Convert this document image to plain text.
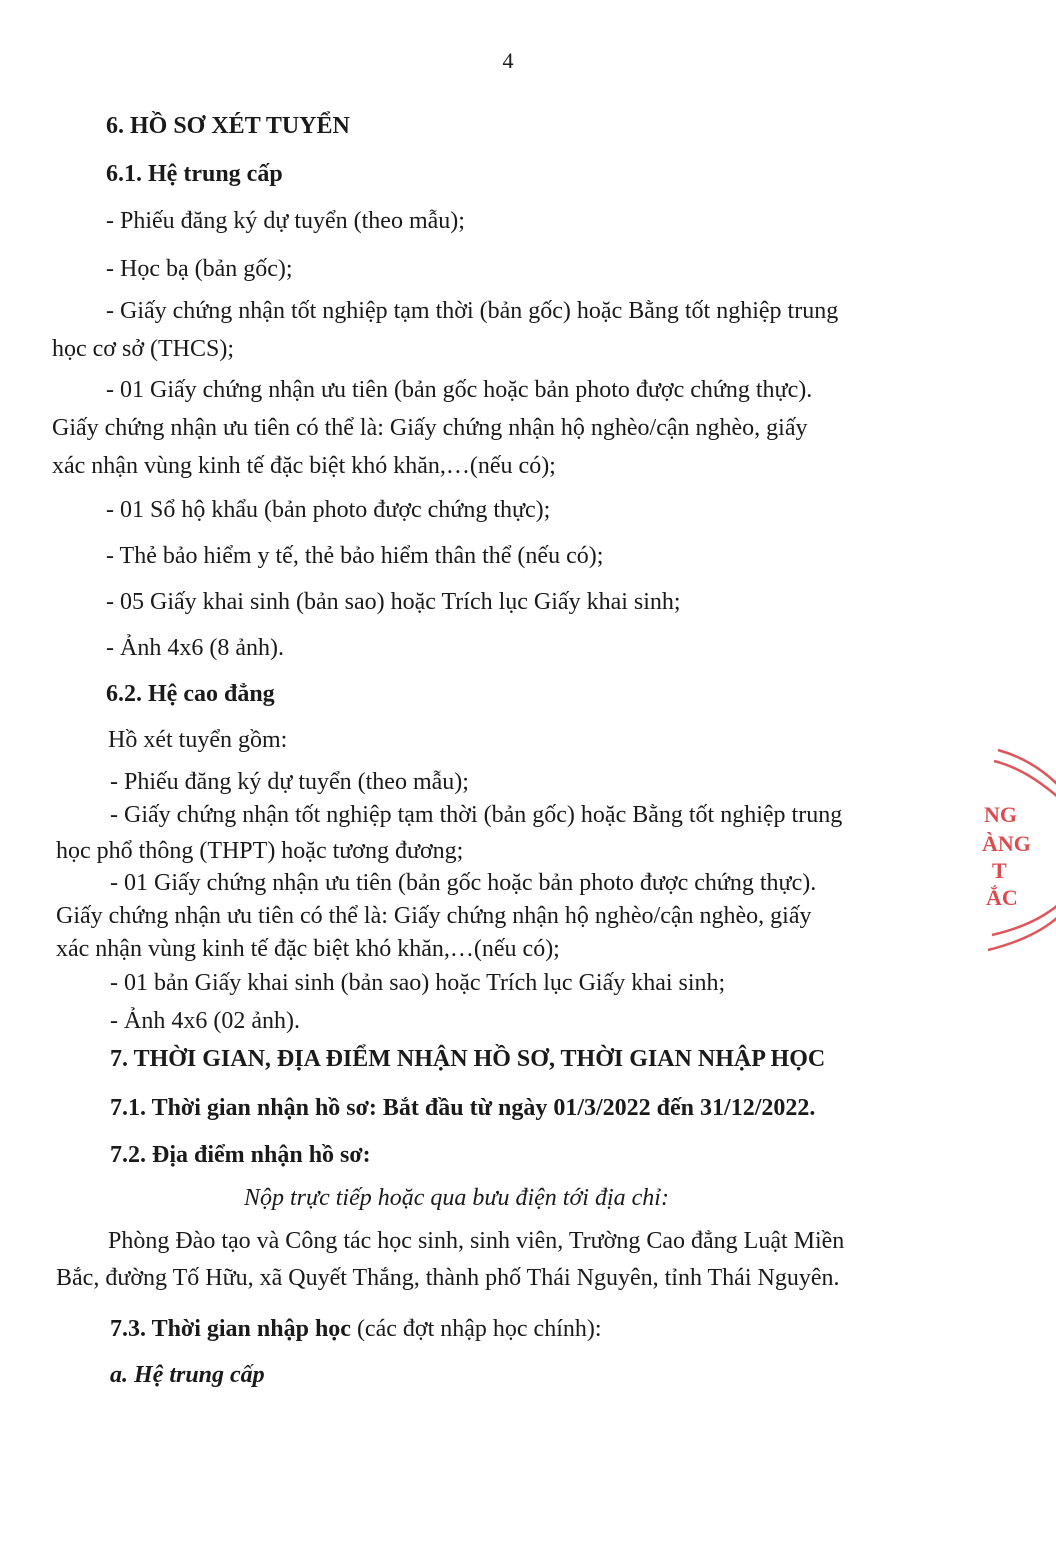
4
6. HỒ SƠ XÉT TUYỂN
6.1. Hệ trung cấp
- Phiếu đăng ký dự tuyển (theo mẫu);
- Học bạ (bản gốc);
- Giấy chứng nhận tốt nghiệp tạm thời (bản gốc) hoặc Bằng tốt nghiệp trung
học cơ sở (THCS);
- 01 Giấy chứng nhận ưu tiên (bản gốc hoặc bản photo được chứng thực).
Giấy chứng nhận ưu tiên có thể là: Giấy chứng nhận hộ nghèo/cận nghèo, giấy
xác nhận vùng kinh tế đặc biệt khó khăn,…(nếu có);
- 01 Sổ hộ khẩu (bản photo được chứng thực);
- Thẻ bảo hiểm y tế, thẻ bảo hiểm thân thể (nếu có);
- 05 Giấy khai sinh (bản sao) hoặc Trích lục Giấy khai sinh;
- Ảnh 4x6 (8 ảnh).
6.2. Hệ cao đẳng
Hồ xét tuyển gồm:
- Phiếu đăng ký dự tuyển (theo mẫu);
- Giấy chứng nhận tốt nghiệp tạm thời (bản gốc) hoặc Bằng tốt nghiệp trung
học phổ thông (THPT) hoặc tương đương;
- 01 Giấy chứng nhận ưu tiên (bản gốc hoặc bản photo được chứng thực).
Giấy chứng nhận ưu tiên có thể là: Giấy chứng nhận hộ nghèo/cận nghèo, giấy
xác nhận vùng kinh tế đặc biệt khó khăn,…(nếu có);
- 01 bản Giấy khai sinh (bản sao) hoặc Trích lục Giấy khai sinh;
- Ảnh 4x6 (02 ảnh).
7. THỜI GIAN, ĐỊA ĐIỂM NHẬN HỒ SƠ, THỜI GIAN NHẬP HỌC
7.1. Thời gian nhận hồ sơ: Bắt đầu từ ngày 01/3/2022 đến 31/12/2022.
7.2. Địa điểm nhận hồ sơ:
Nộp trực tiếp hoặc qua bưu điện tới địa chỉ:
Phòng Đào tạo và Công tác học sinh, sinh viên, Trường Cao đẳng Luật Miền
Bắc, đường Tố Hữu, xã Quyết Thắng, thành phố Thái Nguyên, tỉnh Thái Nguyên.
7.3. Thời gian nhập học (các đợt nhập học chính):
a. Hệ trung cấp
NG
ÀNG
T
ẮC
